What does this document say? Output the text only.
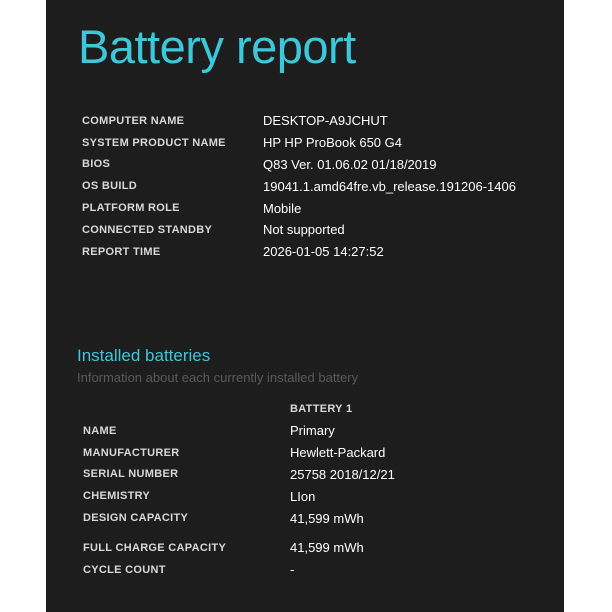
Battery report
COMPUTER NAME	DESKTOP-A9JCHUT
SYSTEM PRODUCT NAME	HP HP ProBook 650 G4
BIOS	Q83 Ver. 01.06.02 01/18/2019
OS BUILD	19041.1.amd64fre.vb_release.191206-1406
PLATFORM ROLE	Mobile
CONNECTED STANDBY	Not supported
REPORT TIME	2026-01-05 14:27:52
Installed batteries
Information about each currently installed battery
BATTERY 1
NAME	Primary
MANUFACTURER	Hewlett-Packard
SERIAL NUMBER	25758 2018/12/21
CHEMISTRY	LIon
DESIGN CAPACITY	41,599 mWh

FULL CHARGE CAPACITY	41,599 mWh
CYCLE COUNT	-
